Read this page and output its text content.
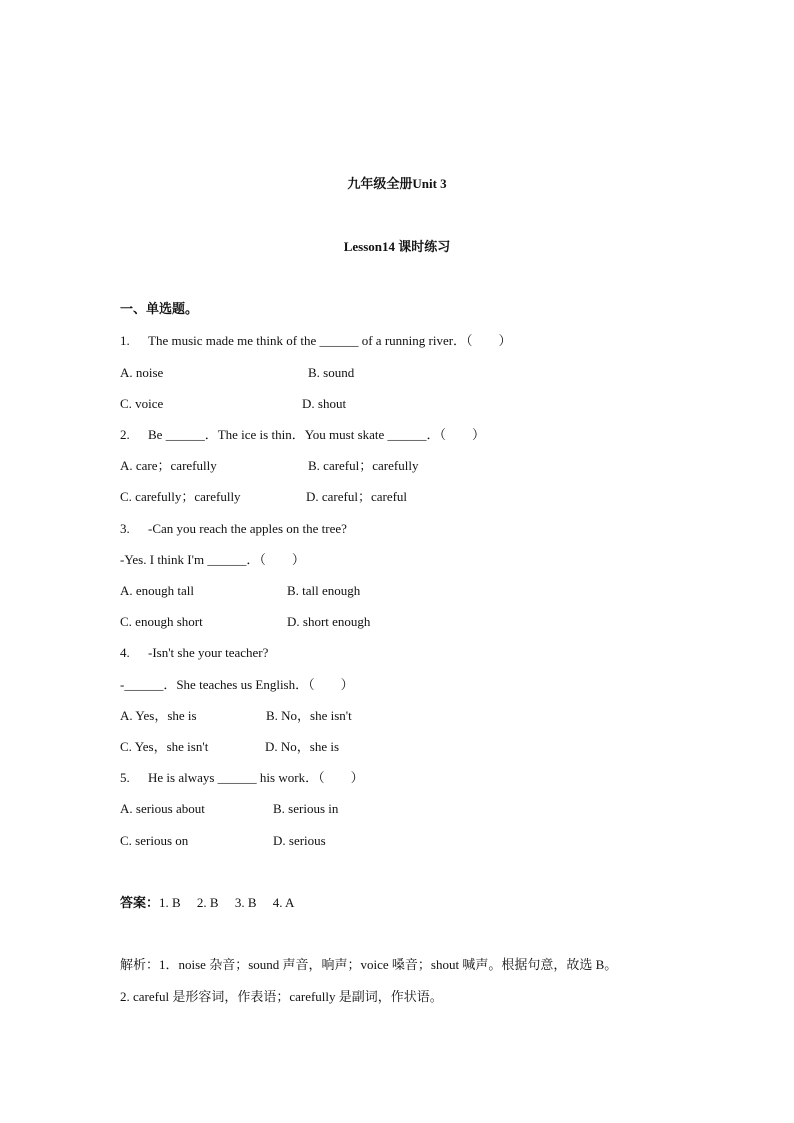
九年级全册Unit 3
Lesson14 课时练习
一、单选题。
1. The music made me think of the ______ of a running river．（　　）
A. noise	B. sound
C. voice	D. shout
2. Be ______．The ice is thin．You must skate ______．（　　）
A. care；carefully	B. careful；carefully
C. carefully；carefully	D. careful；careful
3. -Can you reach the apples on the tree?
-Yes. I think I'm ______．（　　）
A. enough tall	B. tall enough
C. enough short	D. short enough
4. -Isn't she your teacher?
-______．She teaches us English．（　　）
A. Yes，she is	B. No，she isn't
C. Yes，she isn't	D. No，she is
5. He is always ______ his work．（　　）
A. serious about	B. serious in
C. serious on	D. serious
答案：1. B　 2. B　 3. B　 4. A
解析：1．noise 杂音；sound 声音，响声；voice 嗓音；shout 喊声。根据句意，故选 B。
2. careful 是形容词，作表语；carefully 是副词，作状语。
